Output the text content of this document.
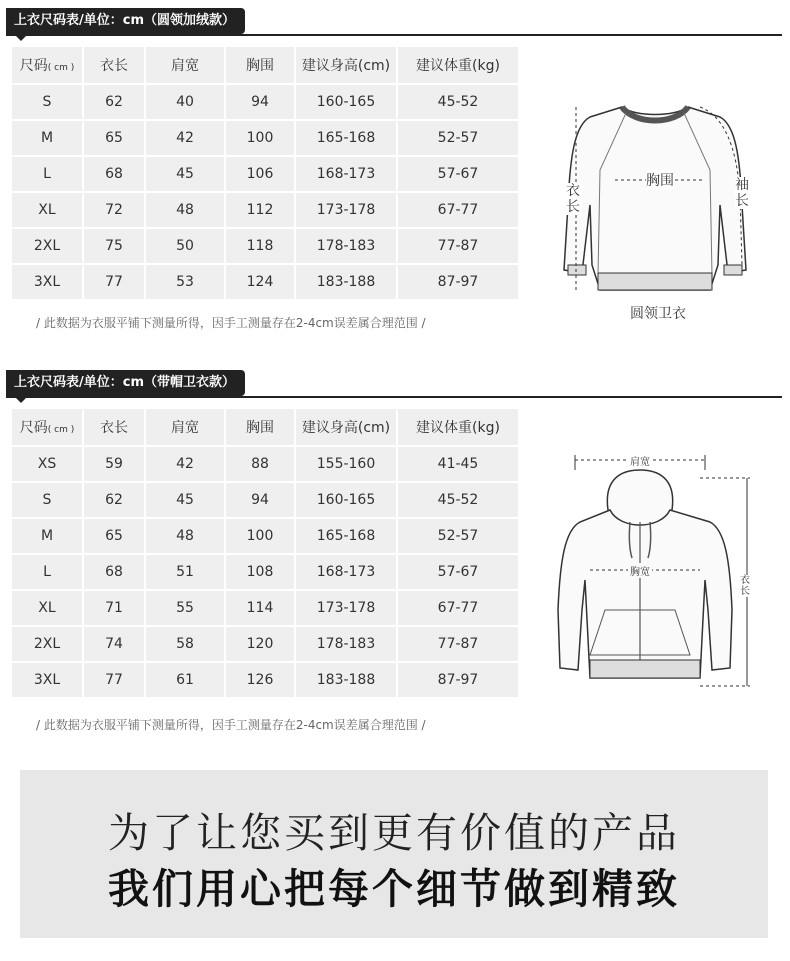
上衣尺码表/单位：cm（圆领加绒款）
尺码( cm )	衣长	肩宽	胸围	建议身高(cm)	建议体重(kg)
S	62	40	94	160-165	45-52
M	65	42	100	165-168	52-57
L	68	45	106	168-173	57-67
XL	72	48	112	173-178	67-77
2XL	75	50	118	178-183	77-87
3XL	77	53	124	183-188	87-97
/ 此数据为衣服平铺下测量所得，因手工测量存在2-4cm误差属合理范围 /
衣长
胸围	袖长
圆领卫衣
上衣尺码表/单位：cm（带帽卫衣款）
尺码( cm )	衣长	肩宽	胸围	建议身高(cm)	建议体重(kg)
XS	59	42	88	155-160	41-45
S	62	45	94	160-165	45-52
M	65	48	100	165-168	52-57
L	68	51	108	168-173	57-67
XL	71	55	114	173-178	67-77
2XL	74	58	120	178-183	77-87
3XL	77	61	126	183-188	87-97
/ 此数据为衣服平铺下测量所得，因手工测量存在2-4cm误差属合理范围 /
肩宽
胸宽
衣长
为了让您买到更有价值的产品
我们用心把每个细节做到精致
